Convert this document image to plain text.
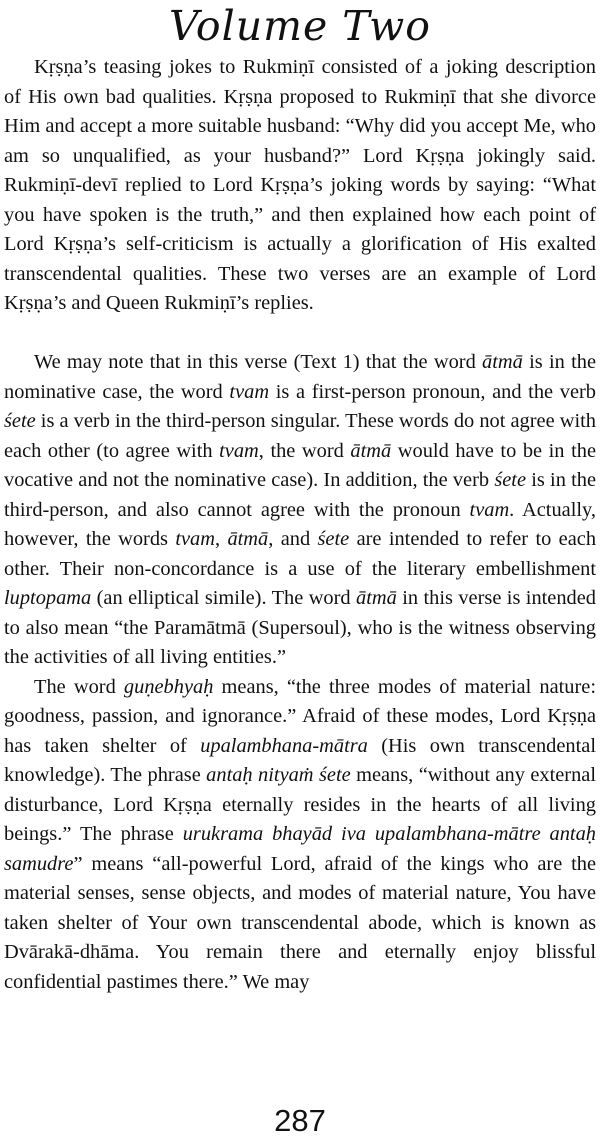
Volume Two

Kṛṣṇa’s teasing jokes to Rukmiṇī consisted of a joking description of His own bad qualities. Kṛṣṇa proposed to Rukmiṇī that she divorce Him and accept a more suitable husband: “Why did you accept Me, who am so unqualified, as your husband?” Lord Kṛṣṇa jokingly said. Rukmiṇī-devī replied to Lord Kṛṣṇa’s joking words by saying: “What you have spoken is the truth,” and then explained how each point of Lord Kṛṣṇa’s self-criticism is actually a glorification of His exalted transcendental qualities. These two verses are an example of Lord Kṛṣṇa’s and Queen Rukmiṇī’s replies.

We may note that in this verse (Text 1) that the word ātmā is in the nominative case, the word tvam is a first-person pronoun, and the verb śete is a verb in the third-person singular. These words do not agree with each other (to agree with tvam, the word ātmā would have to be in the vocative and not the nominative case). In addition, the verb śete is in the third-person, and also cannot agree with the pronoun tvam. Actually, however, the words tvam, ātmā, and śete are intended to refer to each other. Their non-concordance is a use of the literary embellishment luptopama (an elliptical simile). The word ātmā in this verse is intended to also mean “the Paramātmā (Supersoul), who is the witness observing the activities of all living entities.”

The word guṇebhyaḥ means, “the three modes of material nature: goodness, passion, and ignorance.” Afraid of these modes, Lord Kṛṣṇa has taken shelter of upalambhana-mātra (His own transcendental knowledge). The phrase antaḥ nityaṁ śete means, “without any external disturbance, Lord Kṛṣṇa eternally resides in the hearts of all living beings.” The phrase urukrama bhayād iva upalambhana-mātre antaḥ samudre” means “all-powerful Lord, afraid of the kings who are the material senses, sense objects, and modes of material nature, You have taken shelter of Your own transcendental abode, which is known as Dvārakā-dhāma. You remain there and eternally enjoy blissful confidential pastimes there.” We may

287
